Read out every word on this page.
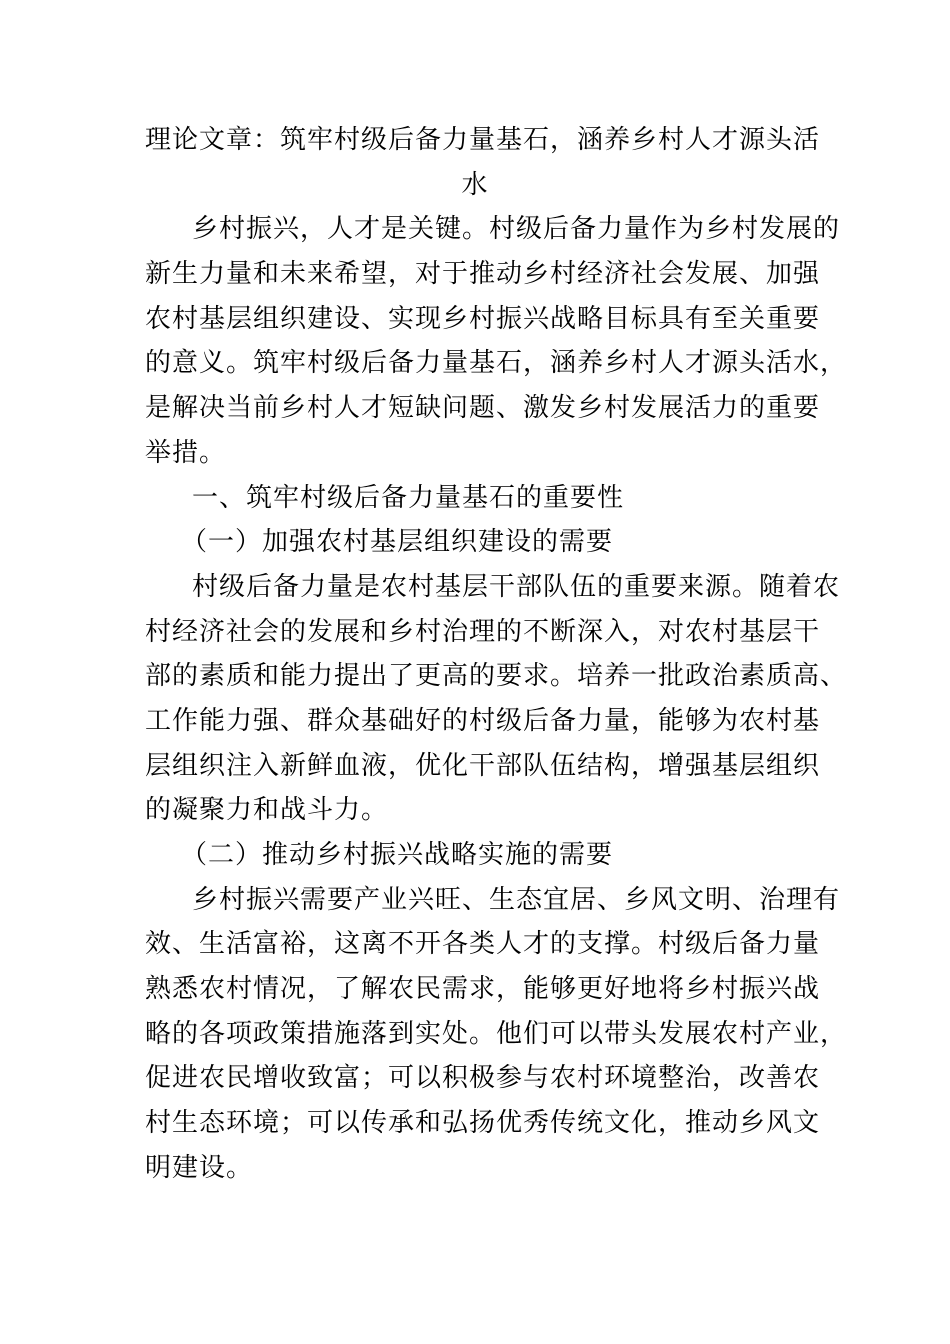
理论文章：筑牢村级后备力量基石，涵养乡村人才源头活
水
乡村振兴，人才是关键。村级后备力量作为乡村发展的
新生力量和未来希望，对于推动乡村经济社会发展、加强
农村基层组织建设、实现乡村振兴战略目标具有至关重要
的意义。筑牢村级后备力量基石，涵养乡村人才源头活水，
是解决当前乡村人才短缺问题、激发乡村发展活力的重要
举措。
一、筑牢村级后备力量基石的重要性
（一）加强农村基层组织建设的需要
村级后备力量是农村基层干部队伍的重要来源。随着农
村经济社会的发展和乡村治理的不断深入，对农村基层干
部的素质和能力提出了更高的要求。培养一批政治素质高、
工作能力强、群众基础好的村级后备力量，能够为农村基
层组织注入新鲜血液，优化干部队伍结构，增强基层组织
的凝聚力和战斗力。
（二）推动乡村振兴战略实施的需要
乡村振兴需要产业兴旺、生态宜居、乡风文明、治理有
效、生活富裕，这离不开各类人才的支撑。村级后备力量
熟悉农村情况，了解农民需求，能够更好地将乡村振兴战
略的各项政策措施落到实处。他们可以带头发展农村产业，
促进农民增收致富；可以积极参与农村环境整治，改善农
村生态环境；可以传承和弘扬优秀传统文化，推动乡风文
明建设。
